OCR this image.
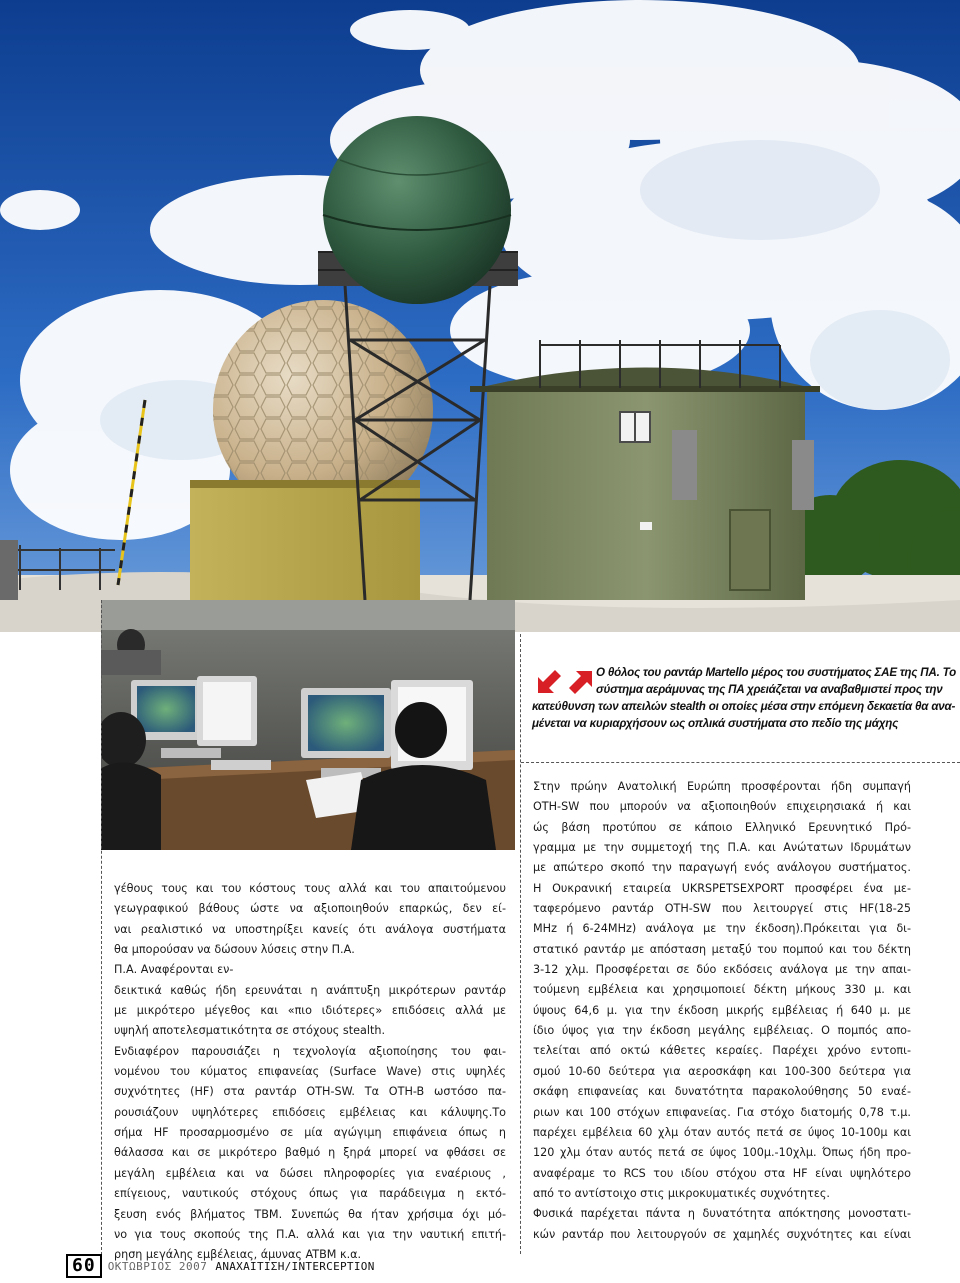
Ο θόλος του ραντάρ Martello μέρος του συστήματος ΣΑΕ της ΠΑ. Το
σύστημα αεράμυνας της ΠΑ χρειάζεται να αναβαθμιστεί προς την
κατεύθυνση των απειλών stealth οι οποίες μέσα στην επόμενη δεκαετία θα ανα-
μένεται να κυριαρχήσουν ως οπλικά συστήματα στο πεδίο της μάχης
γέθους τους και του κόστους τους αλλά και του απαιτούμενου
γεωγραφικού βάθους ώστε να αξιοποιηθούν επαρκώς, δεν εί-
ναι ρεαλιστικό να υποστηρίξει κανείς ότι ανάλογα συστήματα
θα μπορούσαν να δώσουν λύσεις στην Π.Α.
Π.Α. Αναφέρονται εν-
δεικτικά καθώς ήδη ερευνάται η ανάπτυξη μικρότερων ραντάρ
με μικρότερο μέγεθος και «πιο ιδιότερες» επιδόσεις αλλά με
υψηλή αποτελεσματικότητα σε στόχους stealth.
Ενδιαφέρον παρουσιάζει η τεχνολογία αξιοποίησης του φαι-
νομένου του κύματος επιφανείας (Surface Wave) στις υψηλές
συχνότητες (HF) στα ραντάρ OTH-SW. Τα OTH-B ωστόσο πα-
ρουσιάζουν υψηλότερες επιδόσεις εμβέλειας και κάλυψης.Το
σήμα HF προσαρμοσμένο σε μία αγώγιμη επιφάνεια όπως η
θάλασσα και σε μικρότερο βαθμό η ξηρά μπορεί να φθάσει σε
μεγάλη εμβέλεια και να δώσει πληροφορίες για εναέριους ,
επίγειους, ναυτικούς στόχους όπως για παράδειγμα η εκτό-
ξευση ενός βλήματος TBM. Συνεπώς θα ήταν χρήσιμα όχι μό-
νο για τους σκοπούς της Π.Α. αλλά και για την ναυτική επιτή-
ρηση μεγάλης εμβέλειας, άμυνας ATBM κ.α.
Στην πρώην Ανατολική Ευρώπη προσφέρονται ήδη συμπαγή
OTH-SW που μπορούν να αξιοποιηθούν επιχειρησιακά ή και
ώς βάση προτύπου σε κάποιο Ελληνικό Ερευνητικό Πρό-
γραμμα με την συμμετοχή της Π.Α. και Ανώτατων Ιδρυμάτων
με απώτερο σκοπό την παραγωγή ενός ανάλογου συστήματος.
Η Ουκρανική εταιρεία UKRSPETSEXPORT προσφέρει ένα με-
ταφερόμενο ραντάρ OTH-SW που λειτουργεί στις HF(18-25
MHz ή 6-24MHz) ανάλογα με την έκδοση).Πρόκειται για δι-
στατικό ραντάρ με απόσταση μεταξύ του πομπού και του δέκτη
3-12 χλμ. Προσφέρεται σε δύο εκδόσεις ανάλογα με την απαι-
τούμενη εμβέλεια και χρησιμοποιεί δέκτη μήκους 330 μ. και
ύψους 64,6 μ. για την έκδοση μικρής εμβέλειας ή 640 μ. με
ίδιο ύψος για την έκδοση μεγάλης εμβέλειας. Ο πομπός απο-
τελείται από οκτώ κάθετες κεραίες. Παρέχει χρόνο εντοπι-
σμού 10-60 δεύτερα για αεροσκάφη και 100-300 δεύτερα για
σκάφη επιφανείας και δυνατότητα παρακολούθησης 50 εναέ-
ριων και 100 στόχων επιφανείας. Για στόχο διατομής 0,78 τ.μ.
παρέχει εμβέλεια 60 χλμ όταν αυτός πετά σε ύψος 10-100μ και
120 χλμ όταν αυτός πετά σε ύψος 100μ.-10χλμ. Όπως ήδη προ-
αναφέραμε το RCS του ιδίου στόχου στα HF είναι υψηλότερο
από το αντίστοιχο στις μικροκυματικές συχνότητες.
Φυσικά παρέχεται πάντα η δυνατότητα απόκτησης μονοστατι-
κών ραντάρ που λειτουργούν σε χαμηλές συχνότητες και είναι
60	ΟΚΤΩΒΡΙΟΣ 2007 ΑΝΑΧΑΙΤΙΣΗ/INTERCEPTION
